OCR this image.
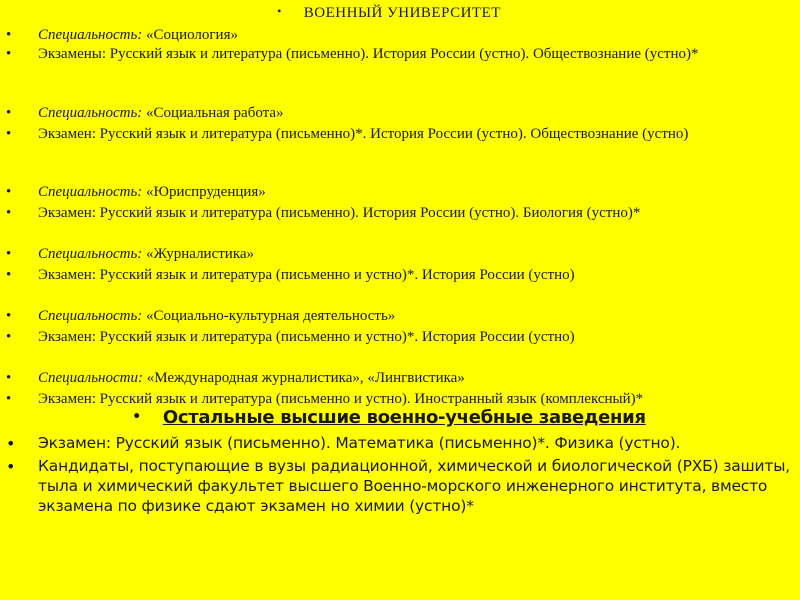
• ВОЕННЫЙ УНИВЕРСИТЕТ
• Специальность: «Социология»
• Экзамены: Русский язык и литература (письменно). История России (устно). Обществознание (устно)*
• Специальность: «Социальная работа»
• Экзамен: Русский язык и литература (письменно)*. История России (устно). Обществознание (устно)
• Специальность: «Юриспруденция»
• Экзамен: Русский язык и литература (письменно). История России (устно). Биология (устно)*
• Специальность: «Журналистика»
• Экзамен: Русский язык и литература (письменно и устно)*. История России (устно)
• Специальность: «Социально-культурная деятельность»
• Экзамен: Русский язык и литература (письменно и устно)*. История России (устно)
• Специальности: «Международная журналистика», «Лингвистика»
• Экзамен: Русский язык и литература (письменно и устно). Иностранный язык (комплексный)*
• Остальные высшие военно-учебные заведения
• Экзамен: Русский язык (письменно). Математика (письменно)*. Физика (устно).
• Кандидаты, поступающие в вузы радиационной, химической и биологической (РХБ) зашиты, тыла и химический факультет высшего Военно-морского инженерного института, вместо экзамена по физике сдают экзамен но химии (устно)*
